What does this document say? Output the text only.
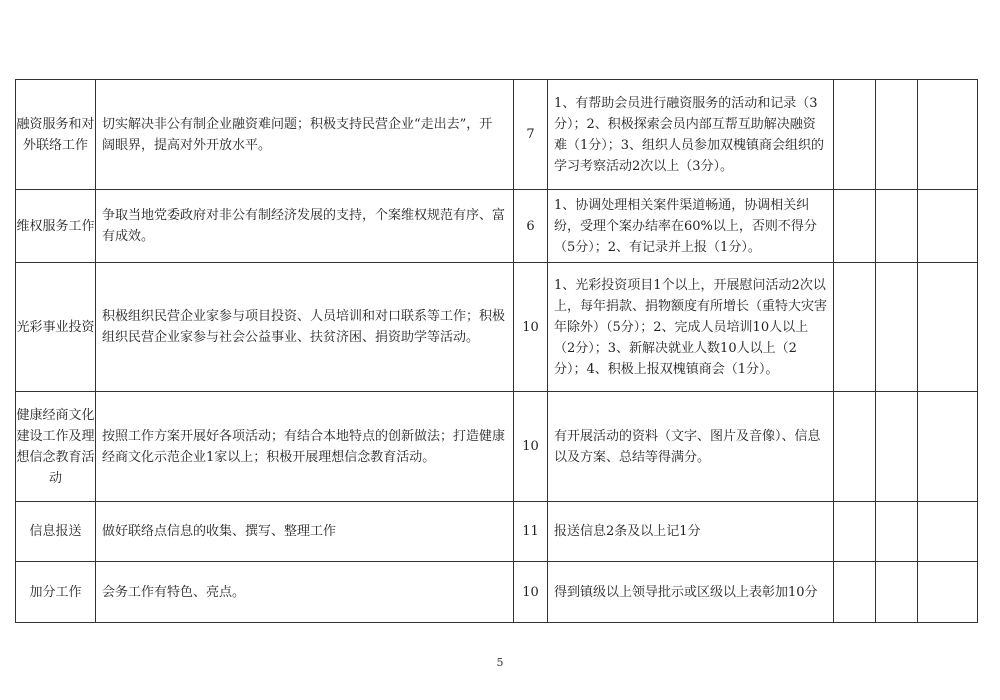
融资服务和对外联络工作	切实解决非公有制企业融资难问题；积极支持民营企业“走出去”，开阔眼界，提高对外开放水平。	7	1、有帮助会员进行融资服务的活动和记录（3分）；2、积极探索会员内部互帮互助解决融资难（1分）；3、组织人员参加双槐镇商会组织的学习考察活动2次以上（3分）。			
维权服务工作	争取当地党委政府对非公有制经济发展的支持，个案维权规范有序、富有成效。	6	1、协调处理相关案件渠道畅通，协调相关纠纷，受理个案办结率在60%以上，否则不得分（5分）；2、有记录并上报（1分）。			
光彩事业投资	积极组织民营企业家参与项目投资、人员培训和对口联系等工作；积极组织民营企业家参与社会公益事业、扶贫济困、捐资助学等活动。	10	1、光彩投资项目1个以上，开展慰问活动2次以上，每年捐款、捐物额度有所增长（重特大灾害年除外）（5分）；2、完成人员培训10人以上（2分）；3、新解决就业人数10人以上（2分）；4、积极上报双槐镇商会（1分）。			
健康经商文化建设工作及理想信念教育活动	按照工作方案开展好各项活动；有结合本地特点的创新做法；打造健康经商文化示范企业1家以上；积极开展理想信念教育活动。	10	有开展活动的资料（文字、图片及音像）、信息以及方案、总结等得满分。			
信息报送	做好联络点信息的收集、撰写、整理工作	11	报送信息2条及以上记1分			
加分工作	会务工作有特色、亮点。	10	得到镇级以上领导批示或区级以上表彰加10分			
5
